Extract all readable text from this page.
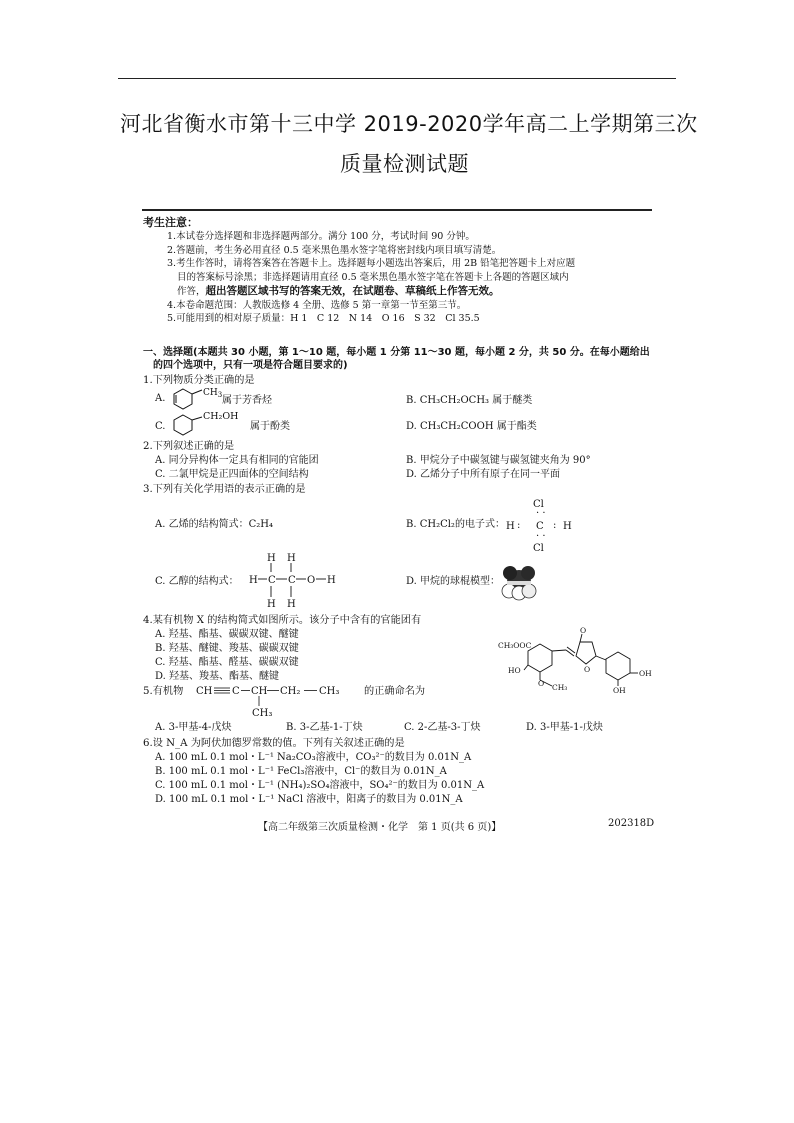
河北省衡水市第十三中学 2019-2020学年高二上学期第三次
质量检测试题
考生注意：
1.本试卷分选择题和非选择题两部分。满分 100 分，考试时间 90 分钟。
2.答题前，考生务必用直径 0.5 毫米黑色墨水签字笔将密封线内项目填写清楚。
3.考生作答时，请将答案答在答题卡上。选择题每小题选出答案后，用 2B 铅笔把答题卡上对应题
目的答案标号涂黑；非选择题请用直径 0.5 毫米黑色墨水签字笔在答题卡上各题的答题区域内
作答，超出答题区域书写的答案无效，在试题卷、草稿纸上作答无效。
4.本卷命题范围：人教版选修 4 全册、选修 5 第一章第一节至第三节。
5.可能用到的相对原子质量：H 1　C 12　N 14　O 16　S 32　Cl 35.5
一、选择题(本题共 30 小题，第 1～10 题，每小题 1 分第 11～30 题，每小题 2 分，共 50 分。在每小题给出
的四个选项中，只有一项是符合题目要求的)
1.下列物质分类正确的是
A.	$CH_3$ 属于芳香烃	B. CH₃CH₂OCH₃ 属于醚类
C.
CH₂OH
属于酚类	D. CH₃CH₂COOH 属于酯类
2.下列叙述正确的是
A. 同分异构体一定具有相同的官能团	B. 甲烷分子中碳氢键与碳氢键夹角为 90°
C. 二氯甲烷是正四面体的空间结构	D. 乙烯分子中所有原子在同一平面
3.下列有关化学用语的表示正确的是
A. 乙烯的结构简式：C₂H₄	B. CH₂Cl₂的电子式：
Cl
· ·
H : C : H
· ·
Cl
C. 乙醇的结构式：
H H
H C C O H
H H
D. 甲烷的球棍模型：
4.某有机物 X 的结构简式如图所示。该分子中含有的官能团有
A. 羟基、酯基、碳碳双键、醚键
B. 羟基、醚键、羧基、碳碳双键
C. 羟基、酯基、醛基、碳碳双键
D. 羟基、羧基、酯基、醚键
CH₃OOC
HO
O
O
O CH₃
OH
OH
5.有机物 CH C CH CH₂ CH₃
CH₃
的正确命名为
A. 3-甲基-4-戊炔	B. 3-乙基-1-丁炔	C. 2-乙基-3-丁炔	D. 3-甲基-1-戊炔
6.设 N_A 为阿伏加德罗常数的值。下列有关叙述正确的是
A. 100 mL 0.1 mol・L⁻¹ Na₂CO₃溶液中，CO₃²⁻的数目为 0.01N_A
B. 100 mL 0.1 mol・L⁻¹ FeCl₃溶液中，Cl⁻的数目为 0.01N_A
C. 100 mL 0.1 mol・L⁻¹ (NH₄)₂SO₄溶液中，SO₄²⁻的数目为 0.01N_A
D. 100 mL 0.1 mol・L⁻¹ NaCl 溶液中，阳离子的数目为 0.01N_A
【高二年级第三次质量检测・化学　第 1 页(共 6 页)】	202318D
